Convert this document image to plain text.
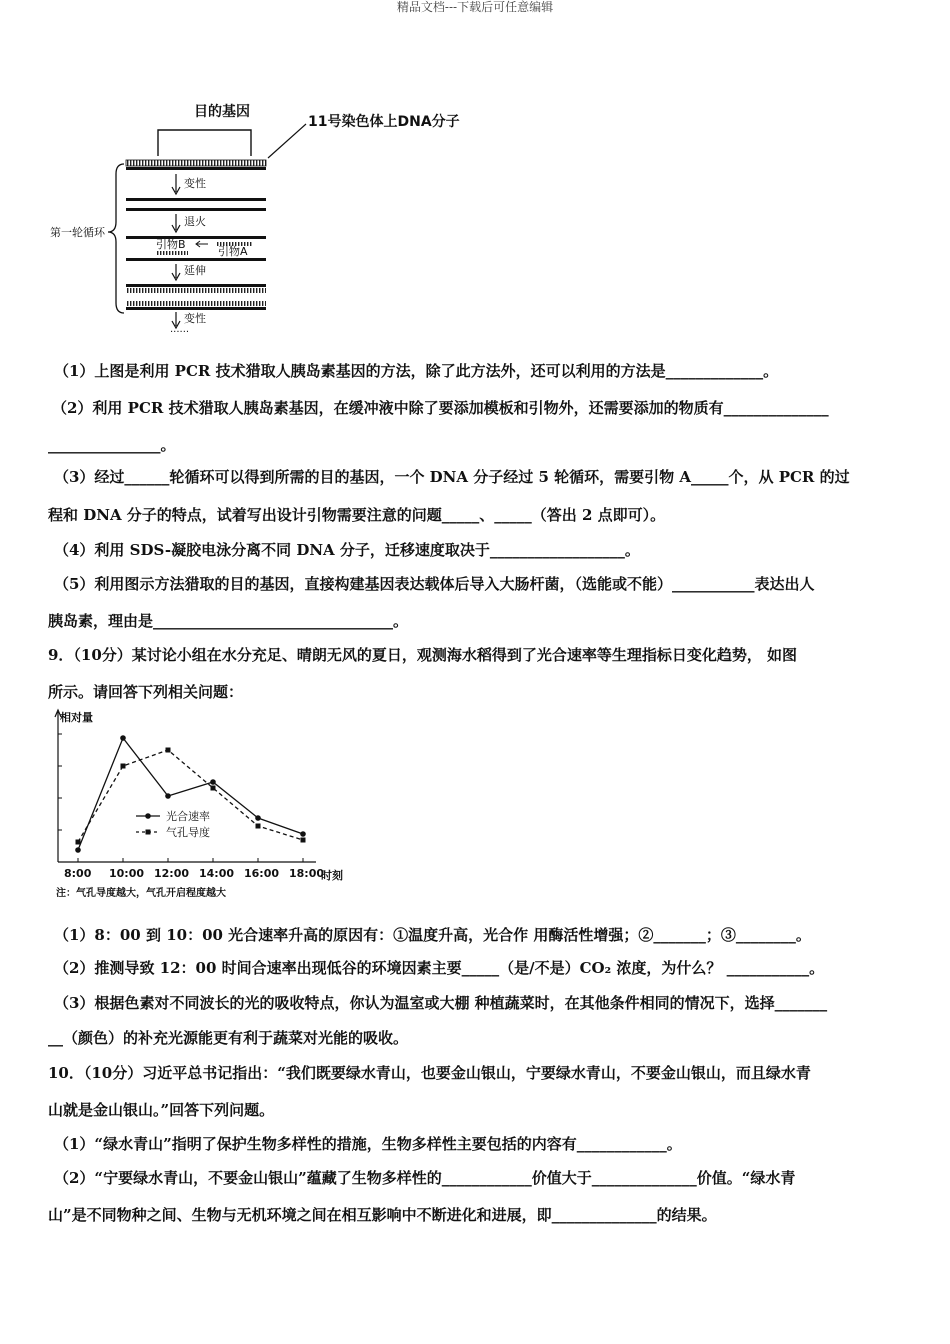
精品文档---下载后可任意编辑
目的基因
11号染色体上DNA分子
第一轮循环
变性
退火
引物B
引物A
延伸
变性
......
（1）上图是利用 PCR 技术猎取人胰岛素基因的方法，除了此方法外，还可以利用的方法是_____________。
（2）利用 PCR 技术猎取人胰岛素基因，在缓冲液中除了要添加模板和引物外，还需要添加的物质有______________
_______________。
（3）经过______轮循环可以得到所需的目的基因，一个 DNA 分子经过 5 轮循环，需要引物 A_____个，从 PCR 的过
程和 DNA 分子的特点，试着写出设计引物需要注意的问题_____、_____（答出 2 点即可）。
（4）利用 SDS-凝胶电泳分离不同 DNA 分子，迁移速度取决于__________________。
（5）利用图示方法猎取的目的基因，直接构建基因表达载体后导入大肠杆菌，（选能或不能）___________表达出人
胰岛素，理由是________________________________。
9．（10分）某讨论小组在水分充足、晴朗无风的夏日，观测海水稻得到了光合速率等生理指标日变化趋势， 如图
所示。请回答下列相关问题：
相对量
时刻
注：气孔导度越大，气孔开启程度越大
光合速率
气孔导度
8:00 10:00 12:00 14:00 16:00 18:00
（1）8：00 到 10：00 光合速率升高的原因有：①温度升高，光合作 用酶活性增强；②_______；③________。
（2）推测导致 12：00 时间合速率出现低谷的环境因素主要_____（是/不是）CO₂ 浓度，为什么？ ___________。
（3）根据色素对不同波长的光的吸收特点，你认为温室或大棚 种植蔬菜时，在其他条件相同的情况下，选择_______
__（颜色）的补充光源能更有利于蔬菜对光能的吸收。
10．（10分）习近平总书记指出：“我们既要绿水青山，也要金山银山，宁要绿水青山，不要金山银山，而且绿水青
山就是金山银山。”回答下列问题。
（1）“绿水青山”指明了保护生物多样性的措施，生物多样性主要包括的内容有____________。
（2）“宁要绿水青山，不要金山银山”蕴藏了生物多样性的____________价值大于______________价值。“绿水青
山”是不同物种之间、生物与无机环境之间在相互影响中不断进化和进展，即______________的结果。
